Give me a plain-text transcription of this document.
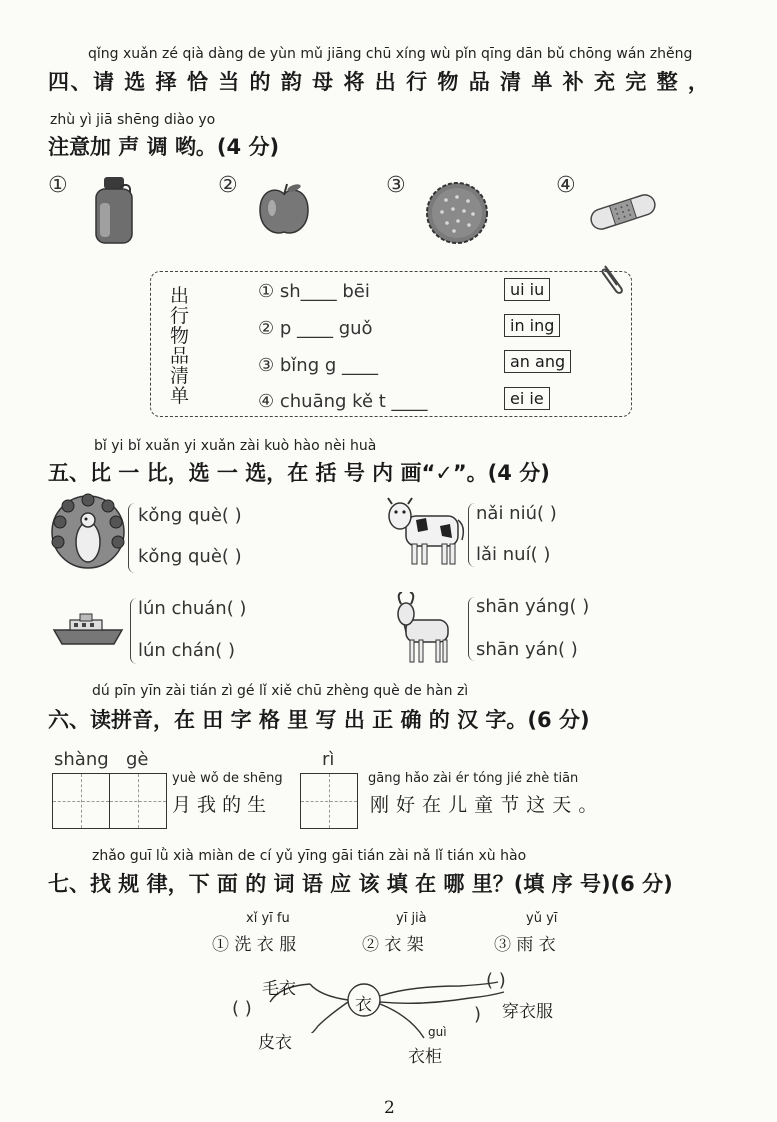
qǐng xuǎn zé qià dàng de yùn mǔ jiāng chū xíng wù pǐn qīng dān bǔ chōng wán zhěng
四、请 选 择 恰 当 的 韵 母 将 出 行 物 品 清 单 补 充 完 整 ，
zhù yì jiā shēng diào yo
注意加 声 调 哟。(4 分)
①	②	③	④
出行物品清单
① sh____ bēi	ui iu
② p ____ guǒ	in ing
③ bǐng g ____	an ang
④ chuāng kě t ____	ei ie
bǐ yi bǐ xuǎn yi xuǎn zài kuò hào nèi huà
五、比 一 比，选 一 选，在 括 号 内 画“✓”。(4 分)
kǒng què( )
kǒng què( )
nǎi niú( )
lǎi nuí( )
lún chuán( )
lún chán( )
shān yáng( )
shān yán( )
dú pīn yīn zài tián zì gé lǐ xiě chū zhèng què de hàn zì
六、读拼音，在 田 字 格 里 写 出 正 确 的 汉 字。(6 分)
shàng gè
yuè wǒ de shēng
月 我 的 生
rì
gāng hǎo zài ér tóng jié zhè tiān
刚 好 在 儿 童 节 这 天 。
zhǎo guī lǜ xià miàn de cí yǔ yīng gāi tián zài nǎ lǐ tián xù hào
七、找 规 律，下 面 的 词 语 应 该 填 在 哪 里？(填 序 号)(6 分)
xǐ yī fu
① 洗 衣 服
yī jià
② 衣 架
yǔ yī
③ 雨 衣
衣
毛衣
( )
皮衣
( )
穿衣服
)
guì
衣柜
2
